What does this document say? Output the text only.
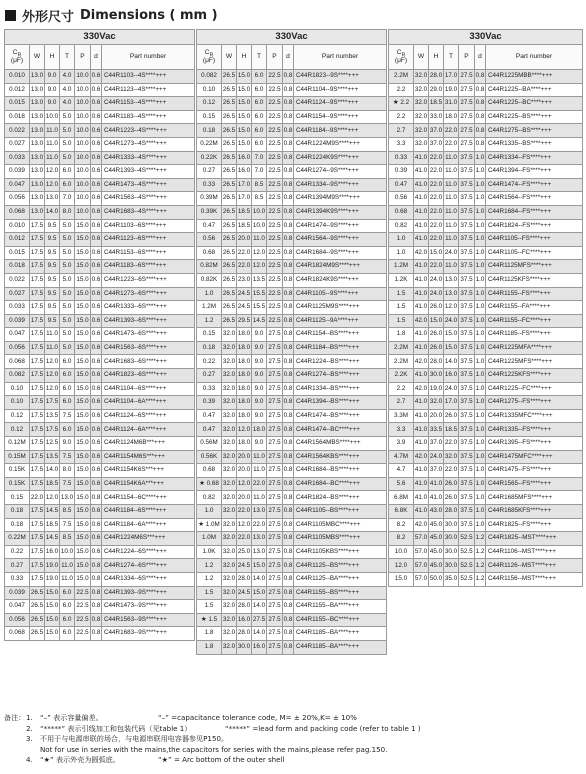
外形尺寸 Dimensions ( mm )
330Vac						
$C_R$
(μF)	W	H	T	P	d	Part number
0.010	13.0	9.0	4.0	10.0	0.6	C44R1103--4S****+++
0.012	13.0	9.0	4.0	10.0	0.6	C44R1123--4S****+++
0.015	13.0	9.0	4.0	10.0	0.6	C44R1153--4S****+++
0.018	13.0	10.0	5.0	10.0	0.6	C44R1183--4S****+++
0.022	13.0	11.0	5.0	10.0	0.6	C44R1223--4S****+++
0.027	13.0	11.0	5.0	10.0	0.6	C44R1273--4S****+++
0.033	13.0	11.0	5.0	10.0	0.6	C44R1333--4S****+++
0.039	13.0	12.0	6.0	10.0	0.6	C44R1393--4S****+++
0.047	13.0	12.0	6.0	10.0	0.6	C44R1473--4S****+++
0.056	13.0	13.0	7.0	10.0	0.6	C44R1563--4S****+++
0.068	13.0	14.0	8.0	10.0	0.6	C44R1683--4S****+++
0.010	17.5	9.5	5.0	15.0	0.6	C44R1103--6S****+++
0.012	17.5	9.5	5.0	15.0	0.6	C44R1123--6S****+++
0.015	17.5	9.5	5.0	15.0	0.6	C44R1153--6S****+++
0.018	17.5	9.5	5.0	15.0	0.6	C44R1183--6S****+++
0.022	17.5	9.5	5.0	15.0	0.6	C44R1223--6S****+++
0.027	17.5	9.5	5.0	15.0	0.6	C44R1273--6S****+++
0.033	17.5	9.5	5.0	15.0	0.6	C44R1333--6S****+++
0.039	17.5	9.5	5.0	15.0	0.6	C44R1393--6S****+++
0.047	17.5	11.0	5.0	15.0	0.6	C44R1473--6S****+++
0.056	17.5	11.0	5.0	15.0	0.6	C44R1563--6S****+++
0.068	17.5	12.0	6.0	15.0	0.6	C44R1683--6S****+++
0.082	17.5	12.0	6.0	15.0	0.6	C44R1823--6S****+++
0.10	17.5	12.0	6.0	15.0	0.6	C44R1104--6S****+++
0.10	17.5	17.5	6.0	15.0	0.6	C44R1104--6A****+++
0.12	17.5	13.5	7.5	15.0	0.6	C44R1124--6S****+++
0.12	17.5	17.5	6.0	15.0	0.6	C44R1124--6A****+++
0.12M	17.5	12.5	9.0	15.0	0.6	C44R1124M6B***+++
0.15M	17.5	13.5	7.5	15.0	0.6	C44R1154M6S***+++
0.15K	17.5	14.0	8.0	15.0	0.6	C44R1154K6S***+++
0.15K	17.5	18.5	7.5	15.0	0.6	C44R1154K6A***+++
0.15	22.0	12.0	13.0	15.0	0.8	C44R1154--6C****+++
0.18	17.5	14.5	8.5	15.0	0.6	C44R1184--6S****+++
0.18	17.5	18.5	7.5	15.0	0.6	C44R1184--6A****+++
0.22M	17.5	14.5	8.5	15.0	0.6	C44R1224M6S***+++
0.22	17.5	16.0	10.0	15.0	0.6	C44R1224--6S****+++
0.27	17.5	19.0	11.0	15.0	0.8	C44R1274--6S****+++
0.33	17.5	19.0	11.0	15.0	0.8	C44R1334--6S****+++
0.039	26.5	15.0	6.0	22.5	0.8	C44R1393--9S****+++
0.047	26.5	15.0	6.0	22.5	0.8	C44R1473--9S****+++
0.056	26.5	15.0	6.0	22.5	0.8	C44R1563--9S****+++
0.068	26.5	15.0	6.0	22.5	0.8	C44R1683--9S****+++
330Vac						
$C_R$
(μF)	W	H	T	P	d	Part number
0.082	26.5	15.0	6.0	22.5	0.8	C44R1823--9S****+++
0.10	26.5	15.0	6.0	22.5	0.8	C44R1104--9S****+++
0.12	26.5	15.0	6.0	22.5	0.8	C44R1124--9S****+++
0.15	26.5	15.0	6.0	22.5	0.8	C44R1154--9S****+++
0.18	26.5	15.0	6.0	22.5	0.8	C44R1184--9S****+++
0.22M	26.5	15.0	6.0	22.5	0.8	C44R1224M9S****+++
0.22K	26.5	16.0	7.0	22.5	0.8	C44R1224K9S****+++
0.27	26.5	16.0	7.0	22.5	0.8	C44R1274--9S****+++
0.33	26.5	17.0	8.5	22.5	0.8	C44R1334--9S****+++
0.39M	26.5	17.0	8.5	22.5	0.8	C44R1394M9S****+++
0.39K	26.5	18.5	10.0	22.5	0.8	C44R1394K9S****+++
0.47	26.5	18.5	10.0	22.5	0.8	C44R1474--9S****+++
0.56	26.5	20.0	11.0	22.5	0.8	C44R1564--9S****+++
0.68	26.5	22.0	12.0	22.5	0.8	C44R1684--9S****+++
0.82M	26.5	22.0	12.0	22.5	0.8	C44R1824M9S****+++
0.82K	26.5	23.0	13.5	22.5	0.8	C44R1824K9S****+++
1.0	26.5	24.5	15.5	22.5	0.8	C44R1105--9S****+++
1.2M	26.5	24.5	15.5	22.5	0.8	C44R1125M9S****+++
1.2	26.5	29.5	14.5	22.5	0.8	C44R1125--9A****+++
0.15	32.0	18.0	9.0	27.5	0.8	C44R1154--BS****+++
0.18	32.0	18.0	9.0	27.5	0.8	C44R1184--BS****+++
0.22	32.0	18.0	9.0	27.5	0.8	C44R1224--BS****+++
0.27	32.0	18.0	9.0	27.5	0.8	C44R1274--BS****+++
0.33	32.0	18.0	9.0	27.5	0.8	C44R1334--BS****+++
0.39	32.0	18.0	9.0	27.5	0.8	C44R1394--BS****+++
0.47	32.0	18.0	9.0	27.5	0.8	C44R1474--BS****+++
0.47	32.0	12.0	18.0	27.5	0.8	C44R1474--BC****+++
0.56M	32.0	18.0	9.0	27.5	0.8	C44R1564MBS****+++
0.56K	32.0	20.0	11.0	27.5	0.8	C44R1564KBS****+++
0.68	32.0	20.0	11.0	27.5	0.8	C44R1684--BS****+++
★ 0.68	32.0	12.0	22.0	27.5	0.8	C44R1684--BC****+++
0.82	32.0	20.0	11.0	27.5	0.8	C44R1824--BS****+++
1.0	32.0	22.0	13.0	27.5	0.8	C44R1105--BS****+++
★ 1.0M	32.0	12.0	22.0	27.5	0.8	C44R1105MBC****+++
1.0M	32.0	22.0	13.0	27.5	0.8	C44R1105MBS****+++
1.0K	32.0	25.0	13.0	27.5	0.8	C44R1105KBS****+++
1.2	32.0	24.5	15.0	27.5	0.8	C44R1125--BS****+++
1.2	32.0	28.0	14.0	27.5	0.8	C44R1125--BA****+++
1.5	32.0	24.5	15.0	27.5	0.8	C44R1155--BS****+++
1.5	32.0	28.0	14.0	27.5	0.8	C44R1155--BA****+++
★ 1.5	32.0	16.0	27.5	27.5	0.8	C44R1155--BC****+++
1.8	32.0	28.0	14.0	27.5	0.8	C44R1185--BA****+++
1.8	32.0	30.0	16.0	27.5	0.8	C44R1185--BA****+++
330Vac						
$C_R$
(μF)	W	H	T	P	d	Part number
2.2M	32.0	28.0	17.0	27.5	0.8	C44R1225MBB****+++
2.2	32.0	29.0	19.0	27.5	0.8	C44R1225--BA****+++
★ 2.2	32.0	18.5	31.0	27.5	0.8	C44R1225--BC****+++
2.2	32.0	33.0	18.0	27.5	0.8	C44R1225--BS****+++
2.7	32.0	37.0	22.0	27.5	0.8	C44R1275--BS****+++
3.3	32.0	37.0	22.0	27.5	0.8	C44R1335--BS****+++
0.33	41.0	22.0	11.0	37.5	1.0	C44R1334--FS****+++
0.39	41.0	22.0	11.0	37.5	1.0	C44R1394--FS****+++
0.47	41.0	22.0	11.0	37.5	1.0	C44R1474--FS****+++
0.56	41.0	22.0	11.0	37.5	1.0	C44R1564--FS****+++
0.68	41.0	22.0	11.0	37.5	1.0	C44R1684--FS****+++
0.82	41.0	22.0	11.0	37.5	1.0	C44R1824--FS****+++
1.0	41.0	22.0	11.0	37.5	1.0	C44R1105--FS****+++
1.0	42.0	15.0	24.0	37.5	1.0	C44R1105--FC****+++
1.2M	41.0	22.0	11.0	37.5	1.0	C44R1125MFS****+++
1.2K	41.0	24.0	13.0	37.5	1.0	C44R1125KFS****+++
1.5	41.0	24.0	13.0	37.5	1.0	C44R1155--FS****+++
1.5	41.0	26.0	12.0	37.5	1.0	C44R1155--FA****+++
1.5	42.0	15.0	24.0	37.5	1.0	C44R1155--FC****+++
1.8	41.0	26.0	15.0	37.5	1.0	C44R1185--FS****+++
2.2M	41.0	26.0	15.0	37.5	1.0	C44R1225MFA****+++
2.2M	42.0	28.0	14.0	37.5	1.0	C44R1225MFS****+++
2.2K	41.0	30.0	16.0	37.5	1.0	C44R1225KFS****+++
2.2	42.0	19.0	24.0	37.5	1.0	C44R1225--FC****+++
2.7	41.0	32.0	17.0	37.5	1.0	C44R1275--FS****+++
3.3M	41.0	20.0	26.0	37.5	1.0	C44R1335MFC****+++
3.3	41.0	33.5	18.5	37.5	1.0	C44R1335--FS****+++
3.9	41.0	37.0	22.0	37.5	1.0	C44R1395--FS****+++
4.7M	42.0	24.0	32.0	37.5	1.0	C44R1475MFC****+++
4.7	41.0	37.0	22.0	37.5	1.0	C44R1475--FS****+++
5.6	41.0	41.0	26.0	37.5	1.0	C44R1565--FS****+++
6.8M	41.0	41.0	26.0	37.5	1.0	C44R1685MFS****+++
6.8K	41.0	43.0	28.0	37.5	1.0	C44R1685KFS****+++
8.2	42.0	45.0	30.0	37.5	1.0	C44R1825--FS****+++
8.2	57.0	45.0	30.0	52.5	1.2	C44R1825--MST****+++
10.0	57.0	45.0	30.0	52.5	1.2	C44R1106--MST****+++
12.0	57.0	45.0	30.0	52.5	1.2	C44R1126--MST****+++
15.0	57.0	50.0	35.0	52.5	1.2	C44R1156--MST****+++
备注： 1.	“–” 表示容量偏差。	“–” =capacitance tolerance code, M= ± 20%,K= ± 10%
2.	“*****” 表示引线加工和包装代码（见table 1）	“*****” =lead form and packing code (refer to table 1 )
3.	不用于与电源串联的场合，与电源串联用电容器参见P150。
Not for use in series with the mains,the capacitors for series with the mains,please refer pag.150.
4.	“★” 表示外壳为圆弧底。	“★” = Arc bottom of the outer shell
